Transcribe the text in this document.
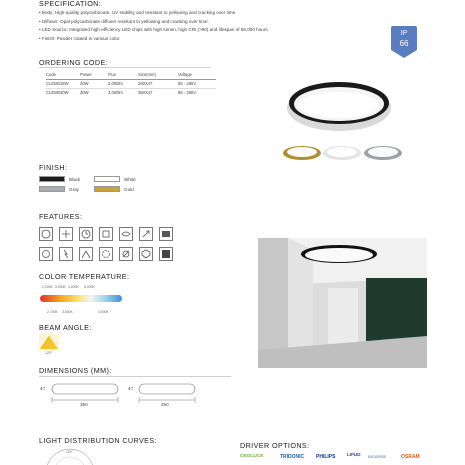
SPECIFICATION:
• Body: High-quality polycarbonate, UV stability and resistant to yellowing and cracking over time.
• Diffuser: Opal polycarbonate diffuser resistant to yellowing and cracking over time.
• LED Source: Integrated high-efficiency LED chips with high lumen, high CRI (>90) and lifespan of 50,000 hours.
• Finish: Powder coated in various color.
IP
66
ORDERING CODE:
Code	Power	Flux	Size(mm)	Voltage
CLEM018W	20W	2,000lm	250X47	85 - 265V
CLEM030W	30W	3,000lm	350X47	85 - 265V
FINISH:
Black	White
Gray	Gold
FEATURES:
COLOR TEMPERATURE:
2,200K 3,000K 4,000K 5,000K
2,700K 3,500K	4,500K
BEAM ANGLE:
120°
DIMENSIONS (MM):
47
350
47
250
LIGHT DISTRIBUTION CURVES:
120°
DRIVER OPTIONS:
CEOLUCE	TRIDONIC PHILIPS	LIFUD EAGLERISE	OSRAM
